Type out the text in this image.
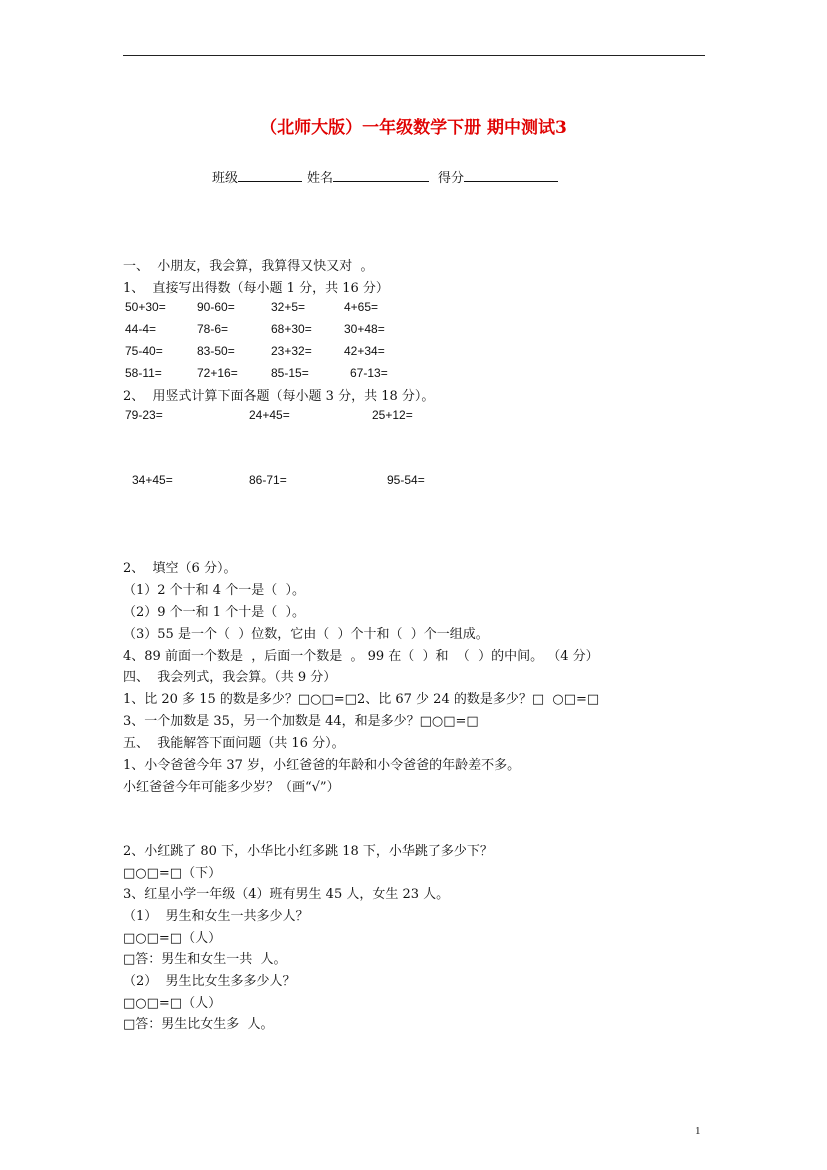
（北师大版）一年级数学下册 期中测试3
班级	姓名	得分
一、  小朋友，我会算，我算得又快又对  。
1、  直接写出得数（每小题 1 分，共 16 分）
50+30=	90-60=	32+5=	4+65=
44-4=	78-6=	68+30=	30+48=
75-40=	83-50=	23+32=	42+34=
58-11=	72+16=	85-15=	67-13=
2、  用竖式计算下面各题（每小题 3 分，共 18 分）。
79-23=	24+45=	25+12=
34+45=	86-71=	95-54=
2、  填空（6 分）。
（1）2 个十和 4 个一是（  ）。
（2）9 个一和 1 个十是（  ）。
（3）55 是一个（  ）位数，它由（  ）个十和（  ）个一组成。
4、89 前面一个数是  ，后面一个数是  。 99 在（  ）和  （  ）的中间。 （4 分）
四、  我会列式，我会算。（共 9 分）
1、比 20 多 15 的数是多少？□○□=□2、比 67 少 24 的数是多少？□  ○□=□
3、一个加数是 35，另一个加数是 44，和是多少？□○□=□
五、  我能解答下面问题（共 16 分）。
1、小令爸爸今年 37 岁，小红爸爸的年龄和小令爸爸的年龄差不多。
小红爸爸今年可能多少岁？（画“√”）
2、小红跳了 80 下，小华比小红多跳 18 下，小华跳了多少下？
□○□=□（下）
3、红星小学一年级（4）班有男生 45 人，女生 23 人。
（1）  男生和女生一共多少人？
□○□=□（人）
□答：男生和女生一共  人。
（2）  男生比女生多多少人？
□○□=□（人）
□答：男生比女生多  人。
1
